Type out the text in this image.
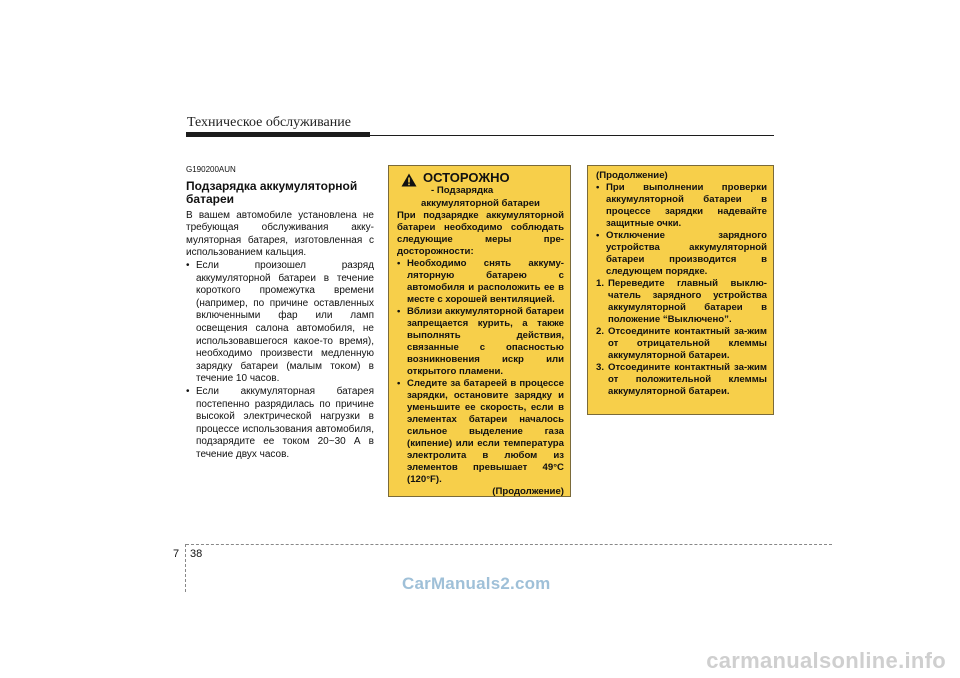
Техническое обслуживание
G190200AUN
Подзарядка аккумуляторной батареи
В вашем автомобиле установлена не требующая обслуживания акку-муляторная батарея, изготовленная с использованием кальция.
• Если произошел разряд аккумуляторной батареи в течение короткого промежутка времени (например, по причине оставленных включенными фар или ламп освещения салона автомобиля, не использовавшегося какое-то время), необходимо произвести медленную зарядку батареи (малым током) в течение 10 часов.
• Если аккумуляторная батарея постепенно разрядилась по причине высокой электрической нагрузки в процессе использования автомобиля, подзарядите ее током 20~30 А в течение двух часов.
ОСТОРОЖНО
- Подзарядка
аккумуляторной батареи
При подзарядке аккумуляторной батареи необходимо соблюдать следующие меры пре-досторожности:
• Необходимо снять аккуму-ляторную батарею с автомобиля и расположить ее в месте с хорошей вентиляцией.
• Вблизи аккумуляторной батареи запрещается курить, а также выполнять действия, связанные с опасностью возникновения искр или открытого пламени.
• Следите за батареей в процессе зарядки, остановите зарядку и уменьшите ее скорость, если в элементах батареи началось сильное выделение газа (кипение) или если температура электролита в любом из элементов превышает 49°C (120°F).
(Продолжение)
(Продолжение)
• При выполнении проверки аккумуляторной батареи в процессе зарядки надевайте защитные очки.
• Отключение зарядного устройства аккумуляторной батареи производится в следующем порядке.
1. Переведите главный выклю-чатель зарядного устройства аккумуляторной батареи в положение “Выключено”.
2. Отсоедините контактный за-жим от отрицательной клеммы аккумуляторной батареи.
3. Отсоедините контактный за-жим от положительной клеммы аккумуляторной батареи.
7 38
CarManuals2.com
carmanualsonline.info
